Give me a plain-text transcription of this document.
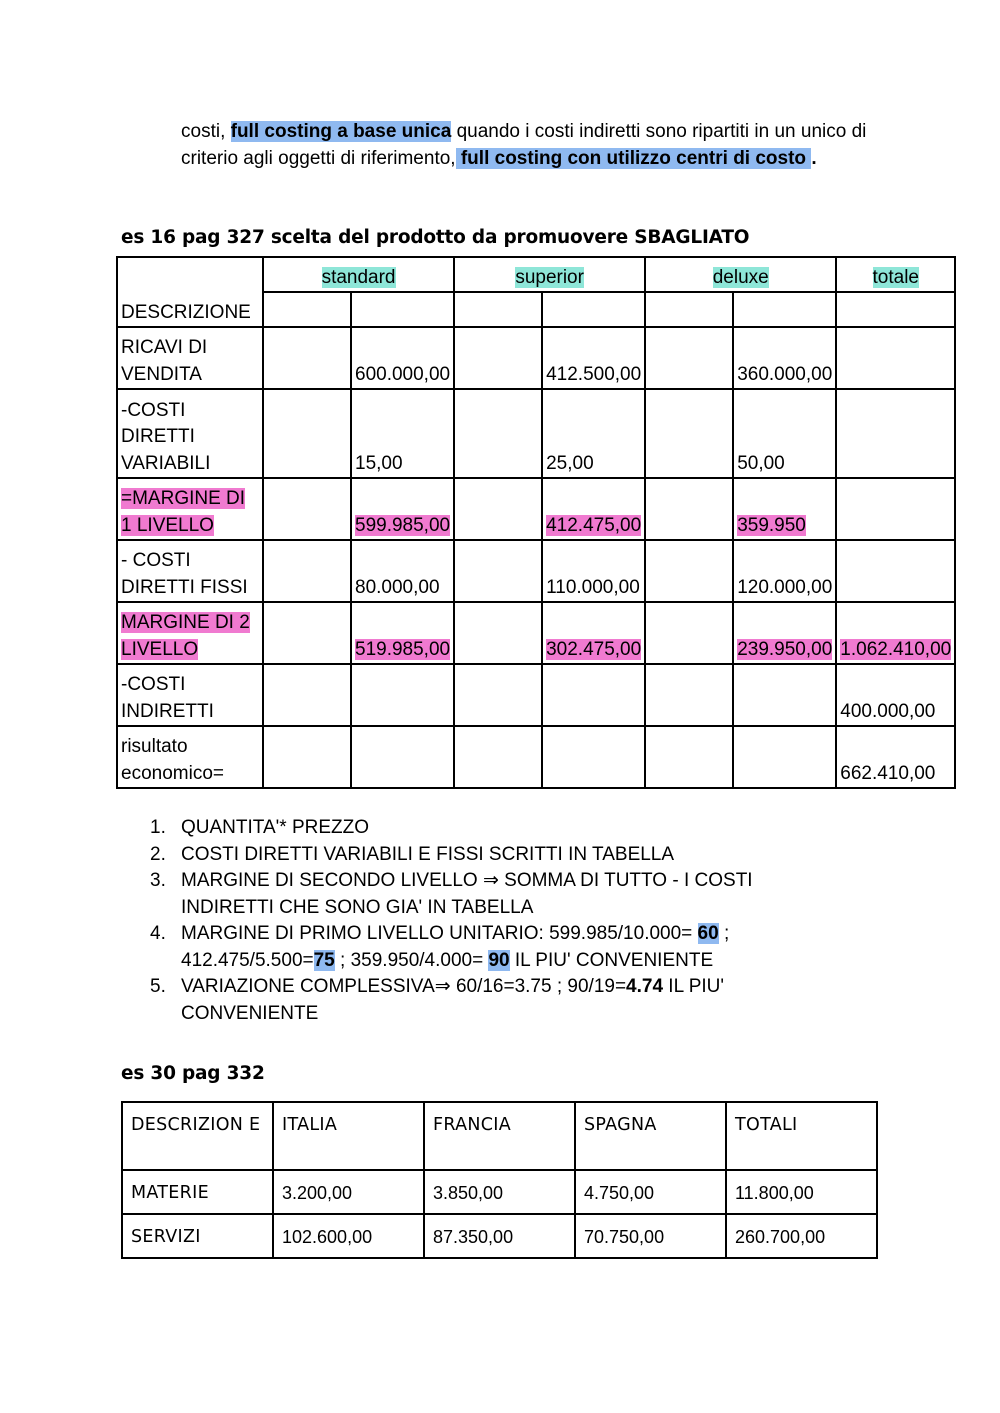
costi, full costing a base unica quando i costi indiretti sono ripartiti in un unico di criterio agli oggetti di riferimento, full costing con utilizzo centri di costo .
es 16 pag 327 scelta del prodotto da promuovere SBAGLIATO
DESCRIZIONE	standard		superior		deluxe		totale

RICAVI DI VENDITA		600.000,00		412.500,00		360.000,00	
-COSTI DIRETTI VARIABILI		15,00		25,00		50,00	
=MARGINE DI 1 LIVELLO		599.985,00		412.475,00		359.950	
- COSTI DIRETTI FISSI		80.000,00		110.000,00		120.000,00	
MARGINE DI 2 LIVELLO		519.985,00		302.475,00		239.950,00	1.062.410,00
-COSTI INDIRETTI							400.000,00
risultato economico=							662.410,00
1. QUANTITA'* PREZZO
2. COSTI DIRETTI VARIABILI E FISSI SCRITTI IN TABELLA
3. MARGINE DI SECONDO LIVELLO ⇒ SOMMA DI TUTTO - I COSTI INDIRETTI CHE SONO GIA' IN TABELLA
4. MARGINE DI PRIMO LIVELLO UNITARIO: 599.985/10.000= 60 ; 412.475/5.500=75 ; 359.950/4.000= 90 IL PIU' CONVENIENTE
5. VARIAZIONE COMPLESSIVA⇒ 60/16=3.75 ; 90/19=4.74 IL PIU' CONVENIENTE
es 30 pag 332
DESCRIZION E	ITALIA	FRANCIA	SPAGNA	TOTALI
MATERIE	3.200,00	3.850,00	4.750,00	11.800,00
SERVIZI	102.600,00	87.350,00	70.750,00	260.700,00
